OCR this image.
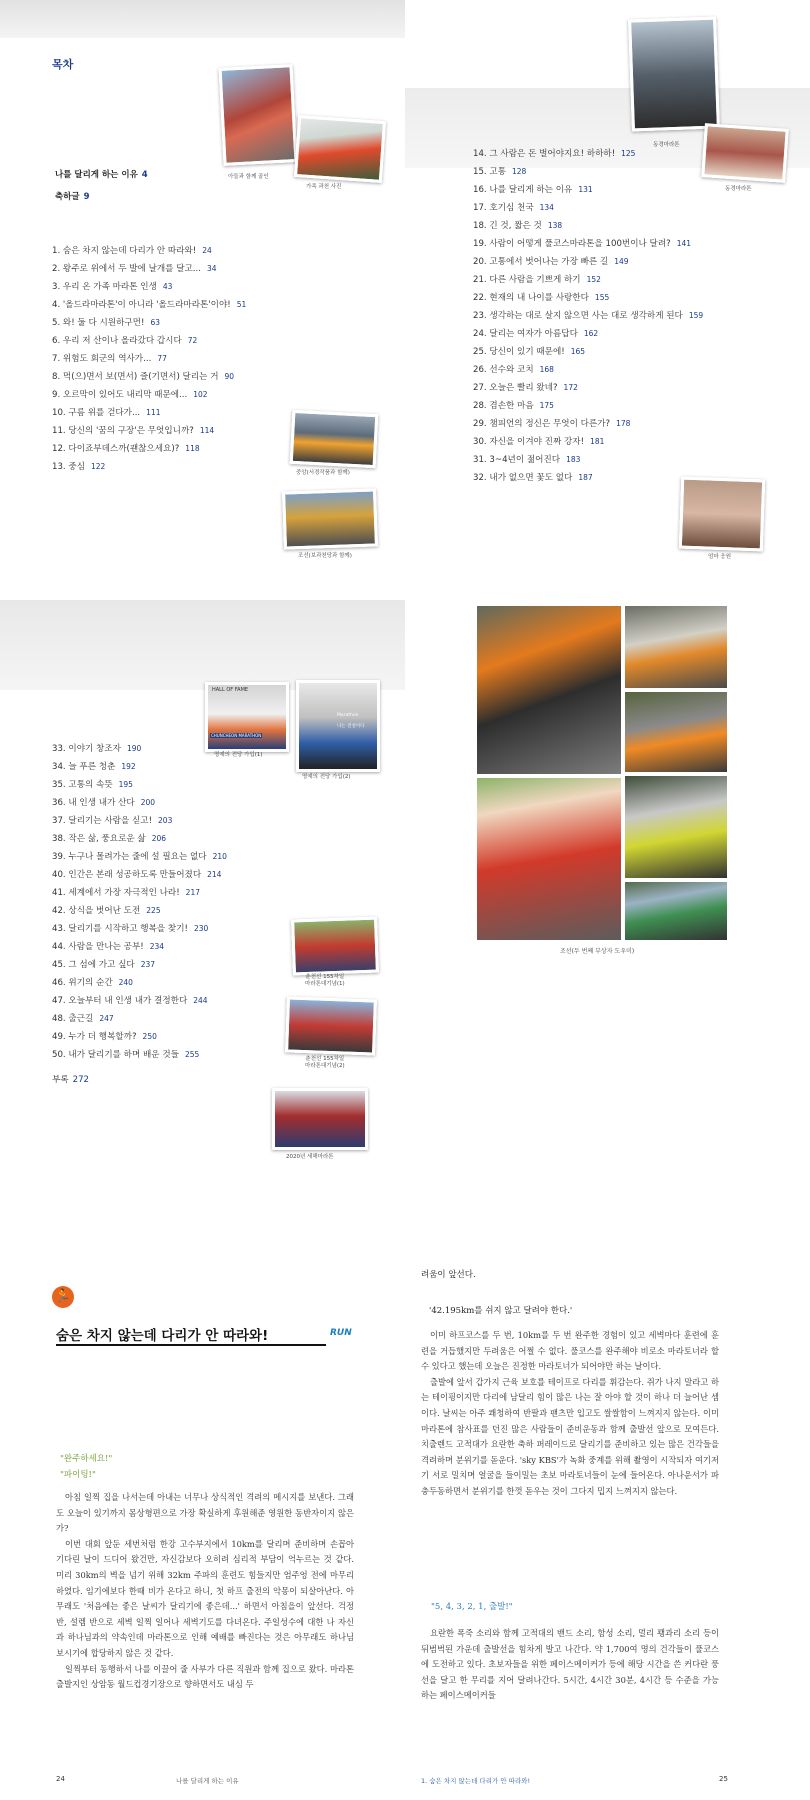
목차
아들과 함께 골인
가족 과천 사진
나를 달리게 하는 이유 4
축하글 9
1. 숨은 차지 않는데 다리가 안 따라와! 24
2. 왕주로 위에서 두 발에 날개를 달고... 34
3. 우리 온 가족 마라톤 인생 43
4. '올드라마라톤'이 아니라 '올드라마라톤'이야! 51
5. 와! 둘 다 시원하구먼! 63
6. 우리 저 산이나 올라갔다 갑시다 72
7. 위험도 회군의 역사가... 77
8. 먹(으)면서 보(면서) 즐(기면서) 달리는 거 90
9. 오르막이 있어도 내리막 때문에... 102
10. 구름 위를 걷다가... 111
11. 당신의 '꿈의 구장'은 무엇입니까? 114
12. 다이죠부데스까(괜찮으세요)? 118
13. 중심 122
중앙(서경작품과 함께)
조선(보과천당과 함께)
동경마라톤
동경마라톤
14. 그 사람은 돈 벌어야지요! 하하하! 125
15. 고통 128
16. 나를 달리게 하는 이유 131
17. 호기심 천국 134
18. 긴 것, 짧은 것 138
19. 사람이 어떻게 풀코스마라톤을 100번이나 달려? 141
20. 고통에서 벗어나는 가장 빠른 길 149
21. 다른 사람을 기쁘게 하기 152
22. 현재의 내 나이를 사랑한다 155
23. 생각하는 대로 살지 않으면 사는 대로 생각하게 된다 159
24. 달리는 여자가 아름답다 162
25. 당신이 있기 때문에! 165
26. 선수와 코치 168
27. 오늘은 빨리 왔네? 172
28. 겸손한 마음 175
29. 챔피언의 정신은 무엇이 다른가? 178
30. 자신을 이겨야 진짜 강자! 181
31. 3~4년이 젊어진다 183
32. 내가 없으면 꽃도 없다 187
엄마 응원
HALL OF FAME
CHUNCHEON MARATHON
명예의 전당 가입(1)
Marathon
나는 전설이다
명예의 전당 가입(2)
33. 이야기 창조자 190
34. 늘 푸른 청춘 192
35. 고통의 속뜻 195
36. 내 인생 내가 산다 200
37. 달리기는 사람을 싣고! 203
38. 작은 삶, 풍요로운 삶 206
39. 누구나 몰려가는 줄에 설 필요는 없다 210
40. 인간은 본래 성공하도록 만들어졌다 214
41. 세계에서 가장 자극적인 나라! 217
42. 상식을 벗어난 도전 225
43. 달리기를 시작하고 행복을 찾기! 230
44. 사람을 만나는 공부! 234
45. 그 섬에 가고 싶다 237
46. 위기의 순간 240
47. 오늘부터 내 인생 내가 결정한다 244
48. 출근길 247
49. 누가 더 행복할까? 250
50. 내가 달리기를 하며 배운 것들 255
부록 272
춘천선 155차일
마라톤대기념(1)
춘천선 155차일
마라톤대기념(2)
2020년 새해마라톤
조선(두 번째 부상자 도우미)
🏃
숨은 차지 않는데 다리가 안 따라와!	RUN
"완주하세요!"
"파이팅!"

아침 일찍 집을 나서는데 아내는 너무나 상식적인 격려의 메시지를 보낸다. 그래도 오늘이 있기까지 몸상형편으로 가장 확실하게 후원해준 영원한 동반자이지 않은가?

이번 대회 앞둔 세번처럼 한강 고수부지에서 10km를 달리며 준비하며 손꼽아 기다린 날이 드디어 왔건만, 자신감보다 오히려 심리적 부담이 억누르는 것 같다. 미리 30km의 벽을 넘기 위해 32km 주파의 훈련도 힘들지만 엄주엉 전에 마무리하였다. 임기에보다 한때 비가 온다고 하니, 첫 하프 출전의 악몽이 되살아난다. 아무래도 '처음에는 좋은 날씨가 달리기에 좋은데...' 하면서 아침을이 앞선다. 걱정 반, 설렘 반으로 세벽 일찍 일어나 세벽기도를 다녀온다. 주일성수에 대한 나 자신과 하나님과의 약속인데 마라톤으로 인해 예배를 빠진다는 것은 아무래도 하나님 보시기에 합당하지 않은 것 같다.

일찍부터 동행하서 나를 이끌어 줄 사부가 다른 직원과 함께 집으로 왔다. 마라톤 출발지인 상암동 월드컵경기장으로 향하면서도 내심 두

24	나를 달리게 하는 이유
려움이 앞선다.
'42.195km를 쉬지 않고 달려야 한다.'

이미 하프코스를 두 번, 10km를 두 번 완주한 경험이 있고 세벽마다 훈련에 훈련을 거듭했지만 두려움은 어쩔 수 없다. 풀코스를 완주해야 비로소 마라토너라 할 수 있다고 했는데 오늘은 진정한 마라토너가 되어야만 하는 날이다.

출발에 앞서 갑가지 근육 보호를 테이프로 다리를 휘감는다. 쥐가 나지 말라고 하는 테이핑이지만 다리에 남달리 힘이 많은 나는 잘 아야 할 것이 하나 더 늘어난 셈이다. 날씨는 아주 쾌청하여 반팔과 팬츠만 입고도 쌀쌀함이 느껴지지 않는다. 이미 마라톤에 참사표를 던진 많은 사람들이 준비운동과 함께 출발선 앞으로 모여든다. 치출렌드 고적대가 요란한 축하 퍼레이드로 달리기를 준비하고 있는 많은 건각들을 격려하며 분위기를 돋운다. 'sky KBS'가 녹화 중계를 위해 촬영이 시작되자 여기저기 서로 밀치며 얼굴을 들이밀는 초보 마라토너들이 눈에 들어온다. 아나운서가 파충두동하면서 분위기를 한껏 돋우는 것이 그다지 밉지 느껴지지 않는다.

"5, 4, 3, 2, 1, 출발!"

요란한 폭죽 소리와 함께 고적대의 밴드 소리, 함성 소리, 멀리 꽹과리 소리 등이 뒤범벅된 가운데 출발선을 힘차게 발고 나간다. 약 1,700여 명의 건각들이 풀코스에 도전하고 있다. 초보자들을 위한 페이스메이커가 등에 해당 시간을 쓴 커다란 풍선을 달고 한 무리를 지어 달려나간다. 5시간, 4시간 30분, 4시간 등 수준을 가능하는 페이스메이커들

1. 숨은 차지 않는데 다리가 안 따라와!	25
